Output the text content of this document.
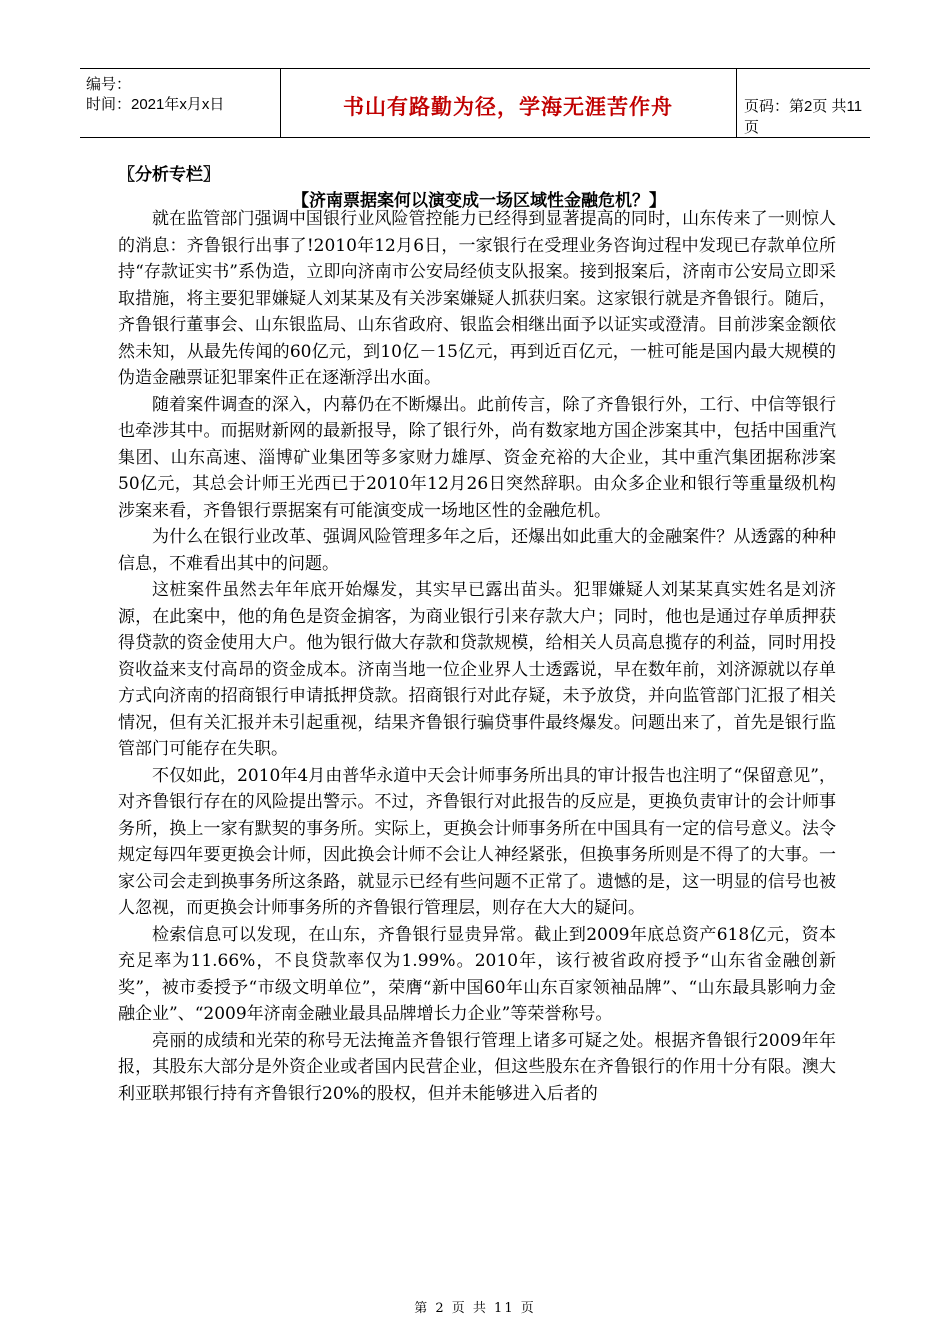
编号：
时间：2021年x月x日	书山有路勤为径，学海无涯苦作舟	页码：第2页 共11页
〖分析专栏〗
【济南票据案何以演变成一场区域性金融危机？】

就在监管部门强调中国银行业风险管控能力已经得到显著提高的同时，山东传来了一则惊人的消息：齐鲁银行出事了!2010年12月6日，一家银行在受理业务咨询过程中发现已存款单位所持“存款证实书”系伪造，立即向济南市公安局经侦支队报案。接到报案后，济南市公安局立即采取措施，将主要犯罪嫌疑人刘某某及有关涉案嫌疑人抓获归案。这家银行就是齐鲁银行。随后，齐鲁银行董事会、山东银监局、山东省政府、银监会相继出面予以证实或澄清。目前涉案金额依然未知，从最先传闻的60亿元，到10亿－15亿元，再到近百亿元，一桩可能是国内最大规模的伪造金融票证犯罪案件正在逐渐浮出水面。

随着案件调查的深入，内幕仍在不断爆出。此前传言，除了齐鲁银行外，工行、中信等银行也牵涉其中。而据财新网的最新报导，除了银行外，尚有数家地方国企涉案其中，包括中国重汽集团、山东高速、淄博矿业集团等多家财力雄厚、资金充裕的大企业，其中重汽集团据称涉案50亿元，其总会计师王光西已于2010年12月26日突然辞职。由众多企业和银行等重量级机构涉案来看，齐鲁银行票据案有可能演变成一场地区性的金融危机。

为什么在银行业改革、强调风险管理多年之后，还爆出如此重大的金融案件？从透露的种种信息，不难看出其中的问题。

这桩案件虽然去年年底开始爆发，其实早已露出苗头。犯罪嫌疑人刘某某真实姓名是刘济源，在此案中，他的角色是资金掮客，为商业银行引来存款大户；同时，他也是通过存单质押获得贷款的资金使用大户。他为银行做大存款和贷款规模，给相关人员高息揽存的利益，同时用投资收益来支付高昂的资金成本。济南当地一位企业界人士透露说，早在数年前，刘济源就以存单方式向济南的招商银行申请抵押贷款。招商银行对此存疑，未予放贷，并向监管部门汇报了相关情况，但有关汇报并未引起重视，结果齐鲁银行骗贷事件最终爆发。问题出来了，首先是银行监管部门可能存在失职。

不仅如此，2010年4月由普华永道中天会计师事务所出具的审计报告也注明了“保留意见”，对齐鲁银行存在的风险提出警示。不过，齐鲁银行对此报告的反应是，更换负责审计的会计师事务所，换上一家有默契的事务所。实际上，更换会计师事务所在中国具有一定的信号意义。法令规定每四年要更换会计师，因此换会计师不会让人神经紧张，但换事务所则是不得了的大事。一家公司会走到换事务所这条路，就显示已经有些问题不正常了。遗憾的是，这一明显的信号也被人忽视，而更换会计师事务所的齐鲁银行管理层，则存在大大的疑问。

检索信息可以发现，在山东，齐鲁银行显贵异常。截止到2009年底总资产618亿元，资本充足率为11.66%，不良贷款率仅为1.99%。2010年，该行被省政府授予“山东省金融创新奖”，被市委授予“市级文明单位”，荣膺“新中国60年山东百家领袖品牌”、“山东最具影响力金融企业”、“2009年济南金融业最具品牌增长力企业”等荣誉称号。

亮丽的成绩和光荣的称号无法掩盖齐鲁银行管理上诸多可疑之处。根据齐鲁银行2009年年报，其股东大部分是外资企业或者国内民营企业，但这些股东在齐鲁银行的作用十分有限。澳大利亚联邦银行持有齐鲁银行20%的股权，但并未能够进入后者的

第 2 页 共 11 页
